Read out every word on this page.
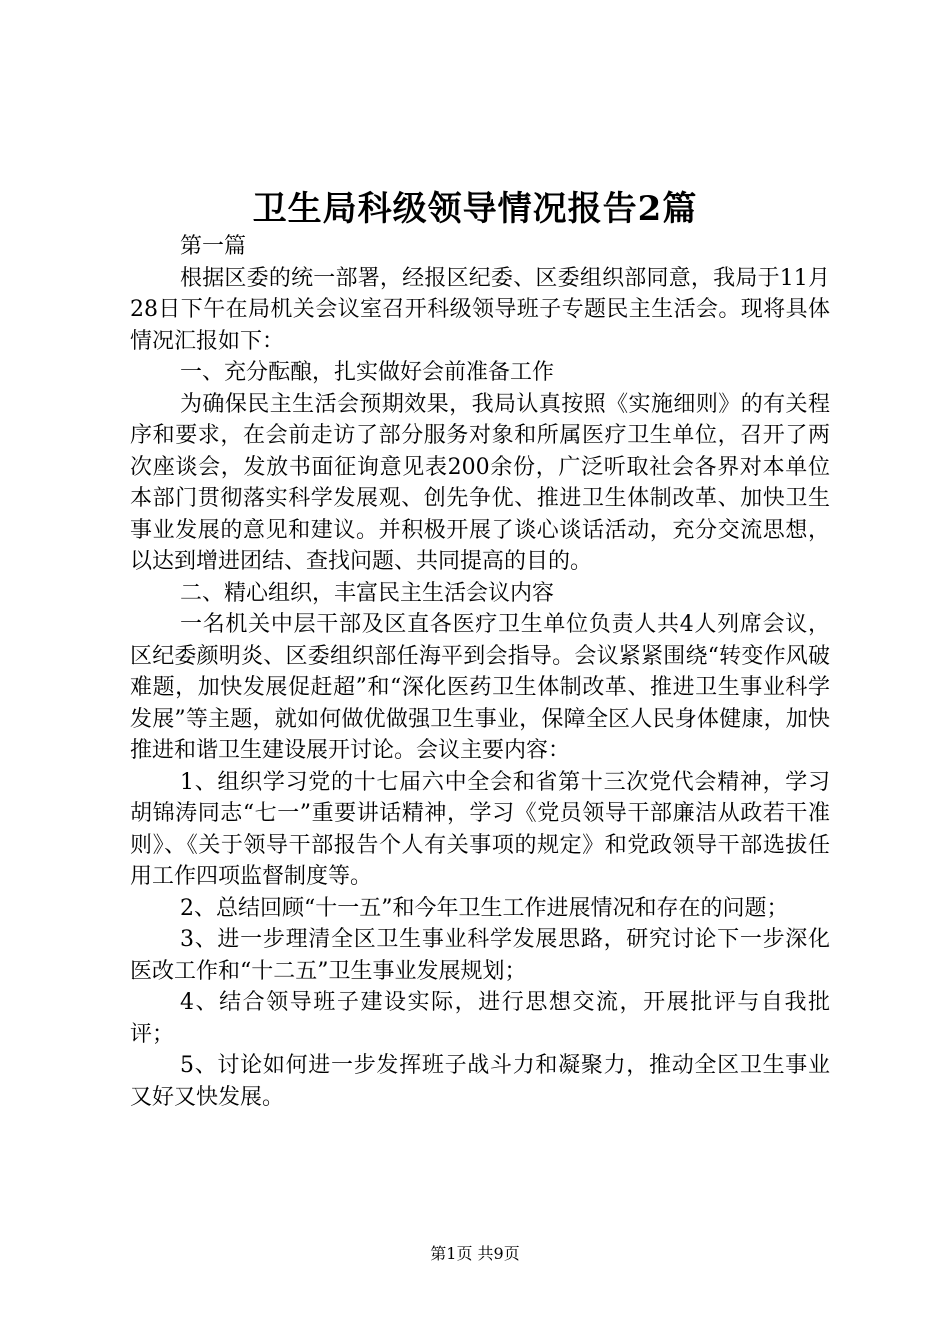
卫生局科级领导情况报告2篇

第一篇

根据区委的统一部署，经报区纪委、区委组织部同意，我局于11月28日下午在局机关会议室召开科级领导班子专题民主生活会。现将具体情况汇报如下：

一、充分酝酿，扎实做好会前准备工作

为确保民主生活会预期效果，我局认真按照《实施细则》的有关程序和要求，在会前走访了部分服务对象和所属医疗卫生单位，召开了两次座谈会，发放书面征询意见表200余份，广泛听取社会各界对本单位本部门贯彻落实科学发展观、创先争优、推进卫生体制改革、加快卫生事业发展的意见和建议。并积极开展了谈心谈话活动，充分交流思想，以达到增进团结、查找问题、共同提高的目的。

二、精心组织，丰富民主生活会议内容

一名机关中层干部及区直各医疗卫生单位负责人共4人列席会议，区纪委颜明炎、区委组织部任海平到会指导。会议紧紧围绕“转变作风破难题，加快发展促赶超”和“深化医药卫生体制改革、推进卫生事业科学发展”等主题，就如何做优做强卫生事业，保障全区人民身体健康，加快推进和谐卫生建设展开讨论。会议主要内容：

1、组织学习党的十七届六中全会和省第十三次党代会精神，学习胡锦涛同志“七一”重要讲话精神，学习《党员领导干部廉洁从政若干准则》、《关于领导干部报告个人有关事项的规定》和党政领导干部选拔任用工作四项监督制度等。

2、总结回顾“十一五”和今年卫生工作进展情况和存在的问题；

3、进一步理清全区卫生事业科学发展思路，研究讨论下一步深化医改工作和“十二五”卫生事业发展规划；

4、结合领导班子建设实际，进行思想交流，开展批评与自我批评；

5、讨论如何进一步发挥班子战斗力和凝聚力，推动全区卫生事业又好又快发展。

第1页 共9页
